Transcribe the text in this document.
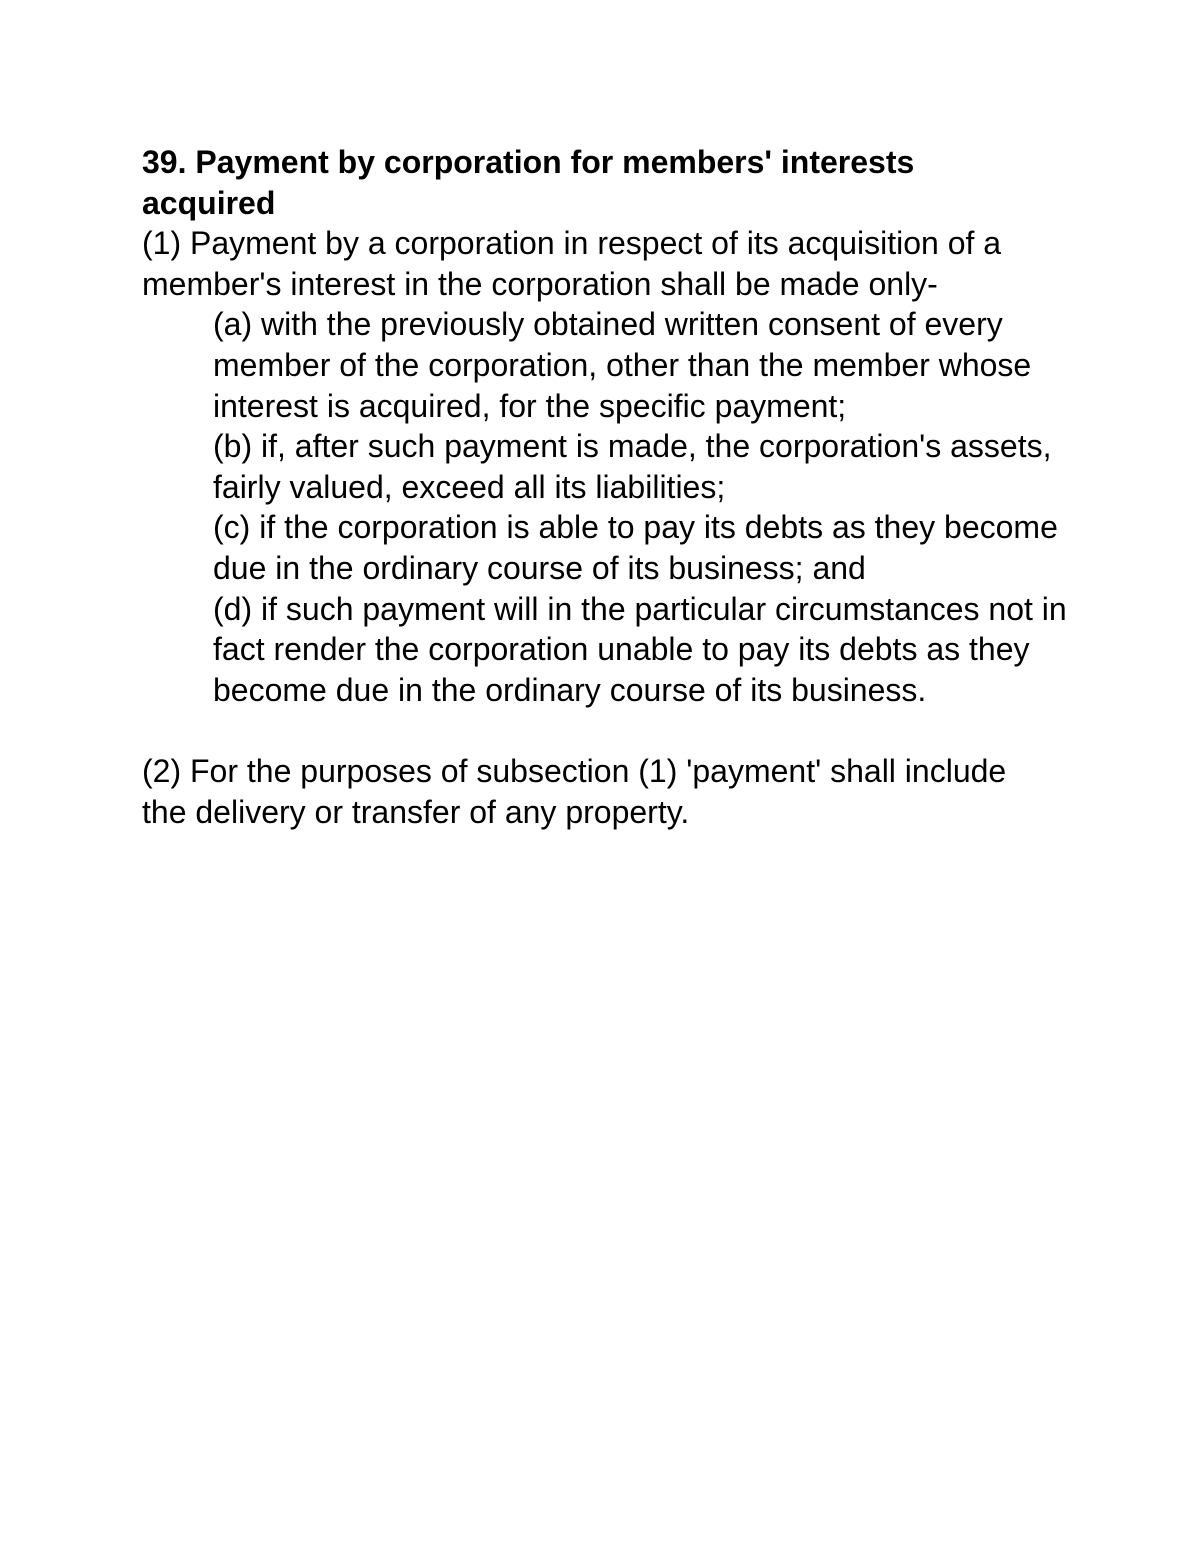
39. Payment by corporation for members' interests acquired

(1) Payment by a corporation in respect of its acquisition of a member's interest in the corporation shall be made only-

(a) with the previously obtained written consent of every member of the corporation, other than the member whose interest is acquired, for the specific payment;

(b) if, after such payment is made, the corporation's assets, fairly valued, exceed all its liabilities;

(c) if the corporation is able to pay its debts as they become due in the ordinary course of its business; and

(d) if such payment will in the particular circumstances not in fact render the corporation unable to pay its debts as they become due in the ordinary course of its business.

(2) For the purposes of subsection (1) 'payment' shall include the delivery or transfer of any property.
